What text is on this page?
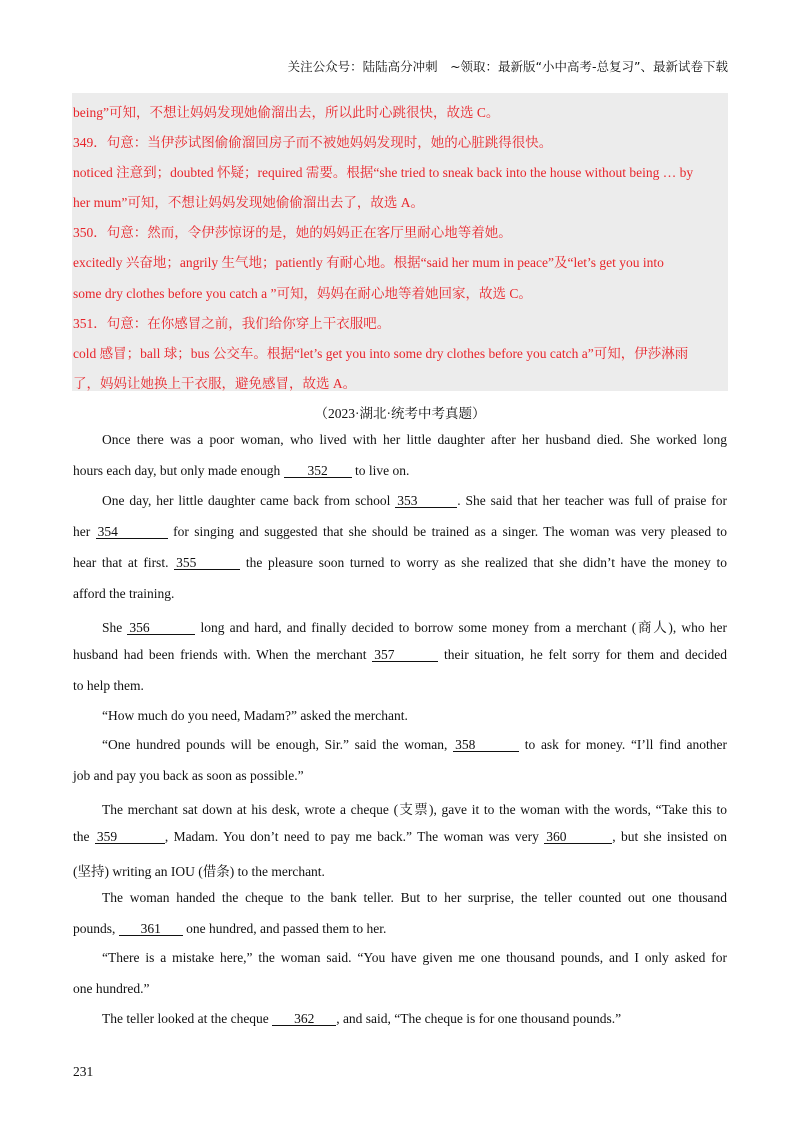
关注公众号：陆陆高分冲刺　~领取：最新版“小中高考-总复习”、最新试卷下载
being”可知，不想让妈妈发现她偷溜出去，所以此时心跳很快，故选 C。
349．句意：当伊莎试图偷偷溜回房子而不被她妈妈发现时，她的心脏跳得很快。
noticed 注意到；doubted 怀疑；required 需要。根据“she tried to sneak back into the house without being … by
her mum”可知，不想让妈妈发现她偷偷溜出去了，故选 A。
350．句意：然而，令伊莎惊讶的是，她的妈妈正在客厅里耐心地等着她。
excitedly 兴奋地；angrily 生气地；patiently 有耐心地。根据“said her mum in peace”及“let’s get you into
some dry clothes before you catch a ”可知，妈妈在耐心地等着她回家，故选 C。
351．句意：在你感冒之前，我们给你穿上干衣服吧。
cold 感冒；ball 球；bus 公交车。根据“let’s get you into some dry clothes before you catch a”可知，伊莎淋雨
了，妈妈让她换上干衣服，避免感冒，故选 A。
（2023·湖北·统考中考真题）
Once there was a poor woman, who lived with her little daughter after her husband died. She worked long
hours each day, but only made enough 352 to live on.
One day, her little daughter came back from school 353	. She said that her teacher was full of praise for
her 354	for singing and suggested that she should be trained as a singer. The woman was very pleased to
hear that at first. 355	the pleasure soon turned to worry as she realized that she didn’t have the money to
afford the training.
She 356	long and hard, and finally decided to borrow some money from a merchant (商人), who her
husband had been friends with. When the merchant 357	their situation, he felt sorry for them and decided
to help them.
“How much do you need, Madam?” asked the merchant.
“One hundred pounds will be enough, Sir.” said the woman, 358	to ask for money. “I’ll find another
job and pay you back as soon as possible.”
The merchant sat down at his desk, wrote a cheque (支票), gave it to the woman with the words, “Take this to
the 359	, Madam. You don’t need to pay me back.” The woman was very 360	, but she insisted on
(坚持) writing an IOU (借条) to the merchant.
The woman handed the cheque to the bank teller. But to her surprise, the teller counted out one thousand
pounds, 361 one hundred, and passed them to her.
“There is a mistake here,” the woman said. “You have given me one thousand pounds, and I only asked for
one hundred.”
The teller looked at the cheque 362 , and said, “The cheque is for one thousand pounds.”
231
